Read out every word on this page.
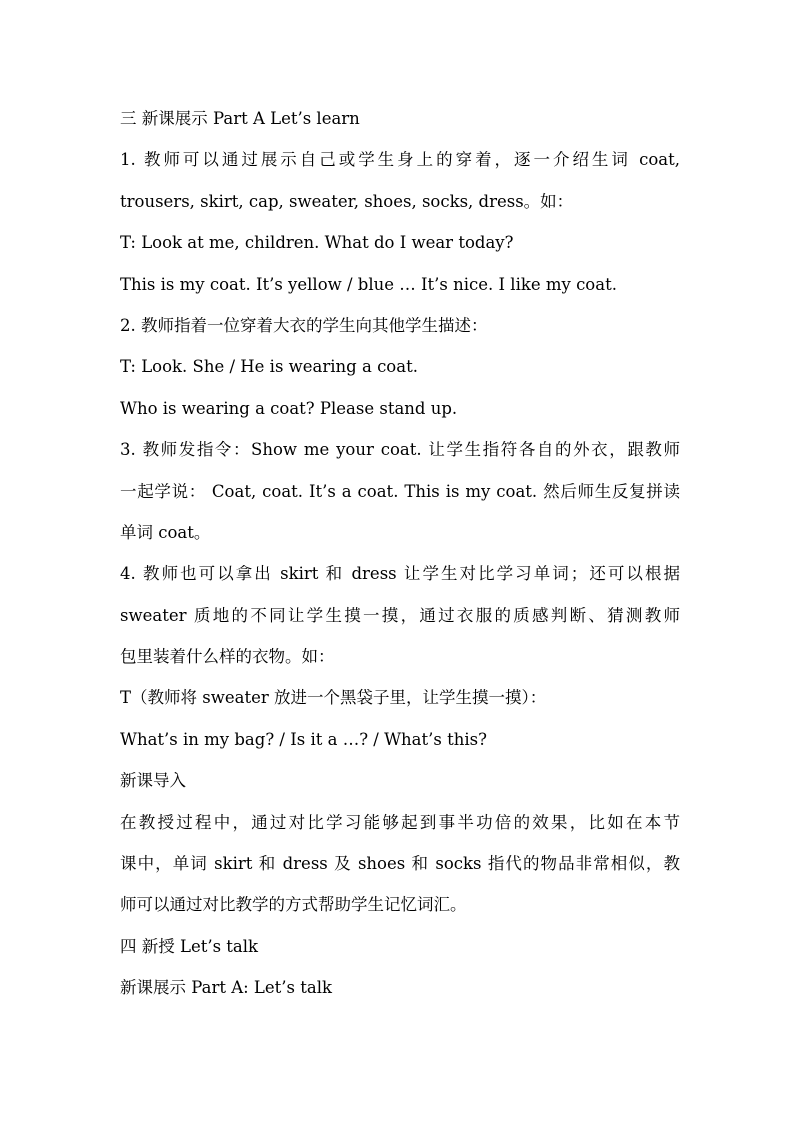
三 新课展示 Part A Let’s learn
1. 教师可以通过展示自己或学生身上的穿着，逐一介绍生词 coat,
trousers, skirt, cap, sweater, shoes, socks, dress。如：
T: Look at me, children. What do I wear today?
This is my coat. It’s yellow / blue … It’s nice. I like my coat.
2. 教师指着一位穿着大衣的学生向其他学生描述：
T: Look. She / He is wearing a coat.
Who is wearing a coat? Please stand up.
3. 教师发指令：Show me your coat. 让学生指符各自的外衣，跟教师
一起学说： Coat, coat. It’s a coat. This is my coat. 然后师生反复拼读
单词 coat。
4. 教师也可以拿出 skirt 和 dress 让学生对比学习单词；还可以根据
sweater 质地的不同让学生摸一摸，通过衣服的质感判断、猜测教师
包里装着什么样的衣物。如：
T（教师将 sweater 放进一个黑袋子里，让学生摸一摸）：
What’s in my bag? / Is it a …? / What’s this?
新课导入
在教授过程中，通过对比学习能够起到事半功倍的效果，比如在本节
课中，单词 skirt 和 dress 及 shoes 和 socks 指代的物品非常相似，教
师可以通过对比教学的方式帮助学生记忆词汇。
四 新授 Let’s talk
新课展示 Part A: Let’s talk
